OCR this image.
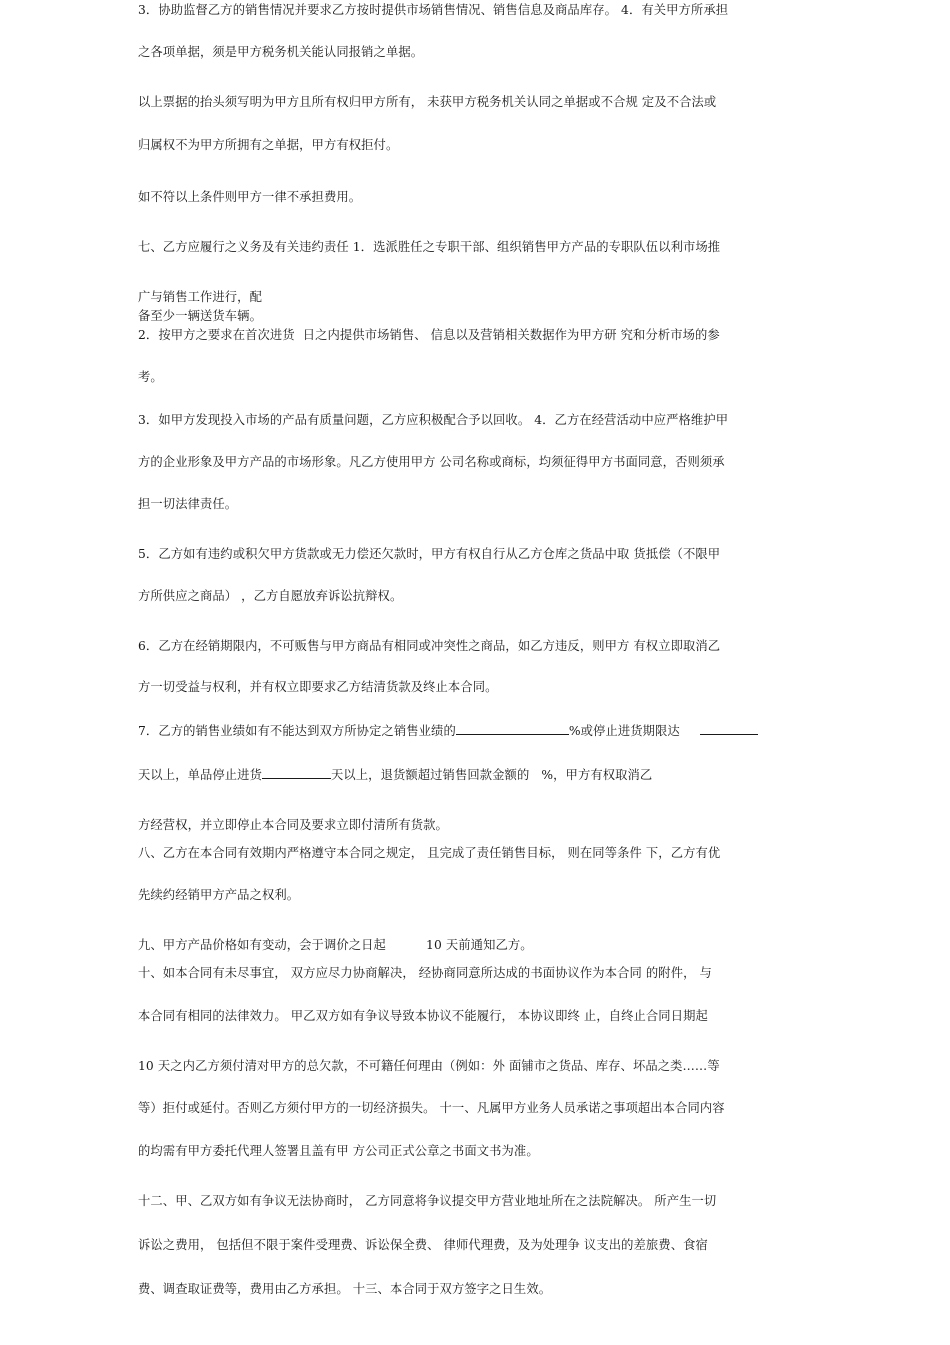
3．协助监督乙方的销售情况并要求乙方按时提供市场销售情况、销售信息及商品库存。 4．有关甲方所承担

之各项单据，须是甲方税务机关能认同报销之单据。

以上票据的抬头须写明为甲方且所有权归甲方所有， 未获甲方税务机关认同之单据或不合规 定及不合法或

归属权不为甲方所拥有之单据，甲方有权拒付。

如不符以上条件则甲方一律不承担费用。

七、乙方应履行之义务及有关违约责任 1．选派胜任之专职干部、组织销售甲方产品的专职队伍以利市场推

广与销售工作进行，配

备至少一辆送货车辆。

2．按甲方之要求在首次进货  日之内提供市场销售、 信息以及营销相关数据作为甲方研 究和分析市场的参

考。

3．如甲方发现投入市场的产品有质量问题，乙方应积极配合予以回收。 4．乙方在经营活动中应严格维护甲

方的企业形象及甲方产品的市场形象。凡乙方使用甲方 公司名称或商标，均须征得甲方书面同意，否则须承

担一切法律责任。

5．乙方如有违约或积欠甲方货款或无力偿还欠款时，甲方有权自行从乙方仓库之货品中取 货抵偿（不限甲

方所供应之商品） ，乙方自愿放弃诉讼抗辩权。

6．乙方在经销期限内，不可贩售与甲方商品有相同或冲突性之商品，如乙方违反，则甲方 有权立即取消乙

方一切受益与权利，并有权立即要求乙方结清货款及终止本合同。

7．乙方的销售业绩如有不能达到双方所协定之销售业绩的	%或停止进货期限达

天以上，单品停止进货	天以上，退货额超过销售回款金额的   %，甲方有权取消乙

方经营权，并立即停止本合同及要求立即付清所有货款。

八、乙方在本合同有效期内严格遵守本合同之规定， 且完成了责任销售目标， 则在同等条件 下，乙方有优

先续约经销甲方产品之权利。

九、甲方产品价格如有变动，会于调价之日起          10 天前通知乙方。

十、如本合同有未尽事宜， 双方应尽力协商解决， 经协商同意所达成的书面协议作为本合同 的附件， 与

本合同有相同的法律效力。 甲乙双方如有争议导致本协议不能履行， 本协议即终 止，自终止合同日期起

10 天之内乙方须付清对甲方的总欠款，不可籍任何理由（例如：外 面铺市之货品、库存、坏品之类……等

等）拒付或延付。否则乙方须付甲方的一切经济损失。 十一、凡属甲方业务人员承诺之事项超出本合同内容

的均需有甲方委托代理人签署且盖有甲 方公司正式公章之书面文书为准。

十二、甲、乙双方如有争议无法协商时， 乙方同意将争议提交甲方营业地址所在之法院解决。 所产生一切

诉讼之费用， 包括但不限于案件受理费、诉讼保全费、 律师代理费，及为处理争 议支出的差旅费、食宿

费、调查取证费等，费用由乙方承担。 十三、本合同于双方签字之日生效。
